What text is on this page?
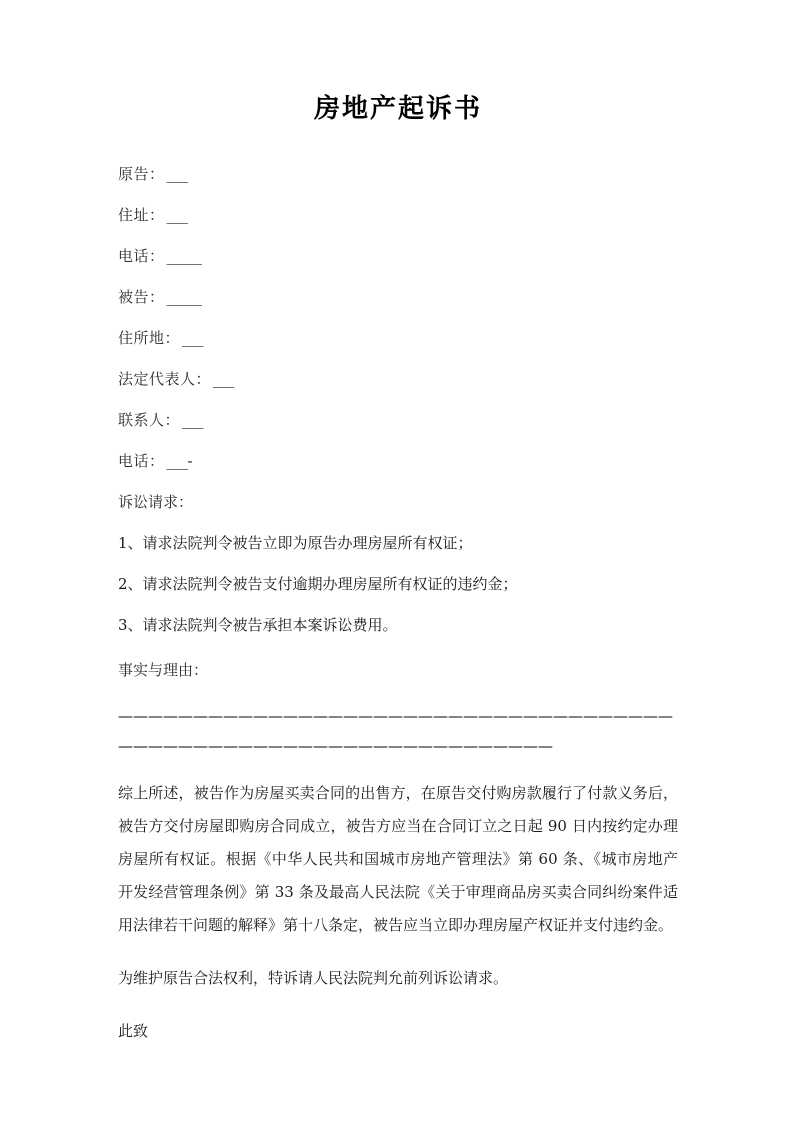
房地产起诉书
原告： ___
住址： ___
电话： _____
被告： _____
住所地： ___
法定代表人： ___
联系人： ___
电话： ___-
诉讼请求：
1、请求法院判令被告立即为原告办理房屋所有权证；
2、请求法院判令被告支付逾期办理房屋所有权证的违约金；
3、请求法院判令被告承担本案诉讼费用。
事实与理由：
——————————————————————————————————————————————————————————————————

综上所述，被告作为房屋买卖合同的出售方，在原告交付购房款履行了付款义务后，被告方交付房屋即购房合同成立，被告方应当在合同订立之日起 90 日内按约定办理房屋所有权证。根据《中华人民共和国城市房地产管理法》第 60 条、《城市房地产开发经营管理条例》第 33 条及最高人民法院《关于审理商品房买卖合同纠纷案件适用法律若干问题的解释》第十八条定，被告应当立即办理房屋产权证并支付违约金。

为维护原告合法权利，特诉请人民法院判允前列诉讼请求。

此致
